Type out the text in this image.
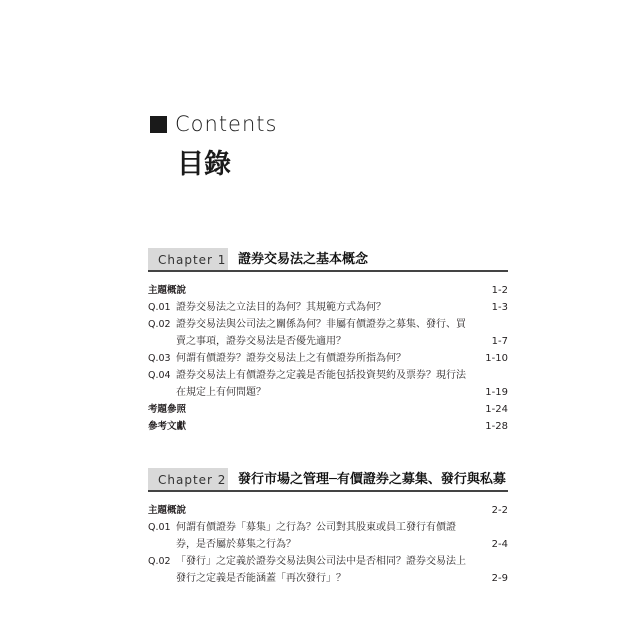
Contents
目錄
Chapter 1 證券交易法之基本概念
主題概說	1-2
Q.01 證券交易法之立法目的為何？其規範方式為何？	1-3
Q.02 證券交易法與公司法之關係為何？非屬有價證券之募集、發行、買
賣之事項，證券交易法是否優先適用？	1-7
Q.03 何謂有價證券？證券交易法上之有價證券所指為何？	1-10
Q.04 證券交易法上有價證券之定義是否能包括投資契約及票券？現行法
在規定上有何問題？	1-19
考題參照	1-24
參考文獻	1-28
Chapter 2 發行市場之管理─有價證券之募集、發行與私募
主題概說	2-2
Q.01 何謂有價證券「募集」之行為？公司對其股東或員工發行有價證
券，是否屬於募集之行為？	2-4
Q.02 「發行」之定義於證券交易法與公司法中是否相同？證券交易法上
發行之定義是否能涵蓋「再次發行」？	2-9
